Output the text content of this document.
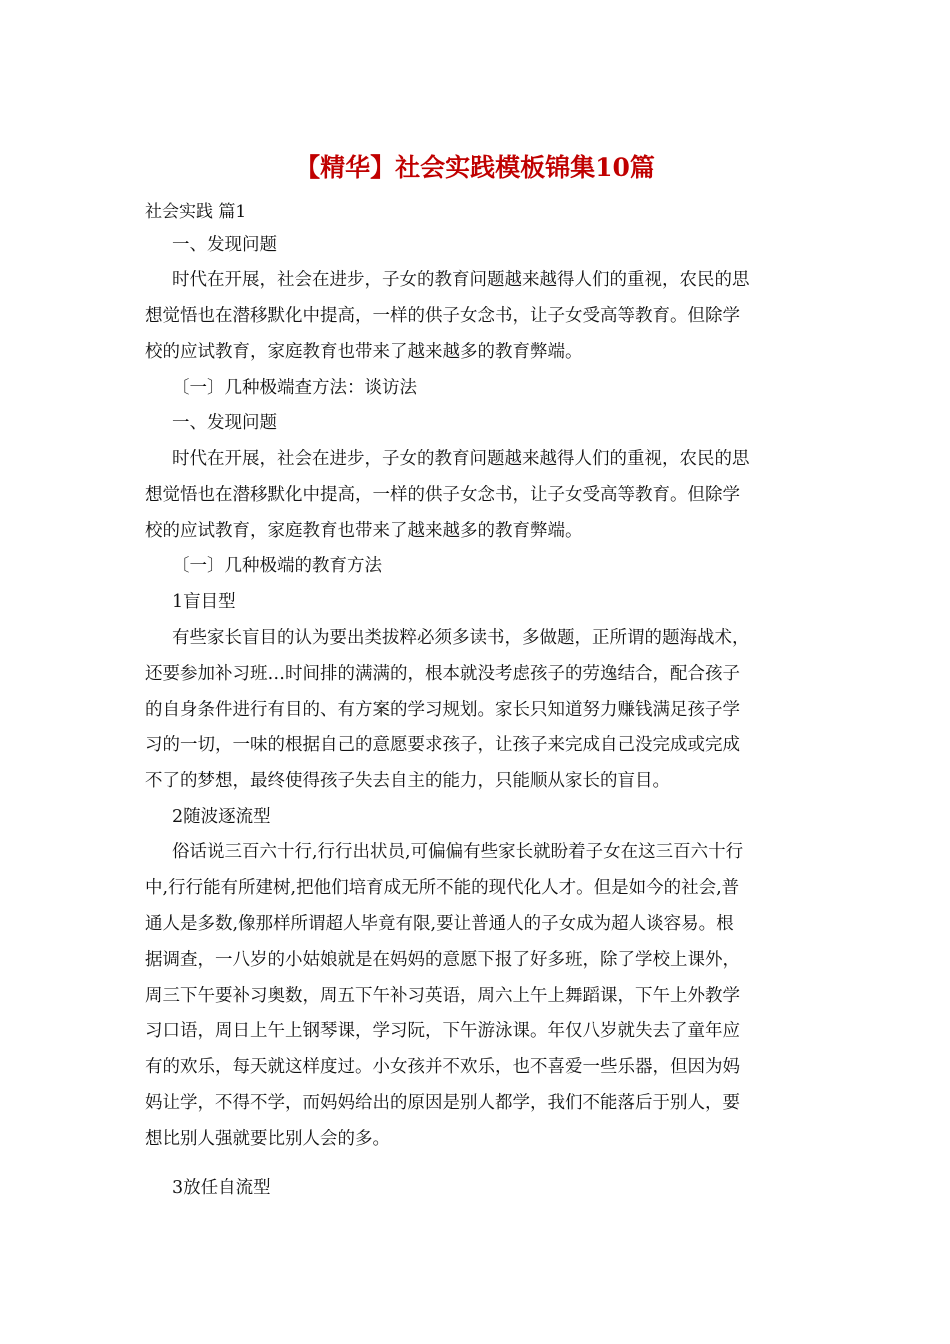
【精华】社会实践模板锦集10篇
社会实践 篇1
一、发现问题
时代在开展，社会在进步，子女的教育问题越来越得人们的重视，农民的思
想觉悟也在潜移默化中提高，一样的供子女念书，让子女受高等教育。但除学
校的应试教育，家庭教育也带来了越来越多的教育弊端。
〔一〕几种极端查方法：谈访法
一、发现问题
时代在开展，社会在进步，子女的教育问题越来越得人们的重视，农民的思
想觉悟也在潜移默化中提高，一样的供子女念书，让子女受高等教育。但除学
校的应试教育，家庭教育也带来了越来越多的教育弊端。
〔一〕几种极端的教育方法
1盲目型
有些家长盲目的认为要出类拔粹必须多读书，多做题，正所谓的题海战术，
还要参加补习班…时间排的满满的，根本就没考虑孩子的劳逸结合，配合孩子
的自身条件进行有目的、有方案的学习规划。家长只知道努力赚钱满足孩子学
习的一切，一味的根据自己的意愿要求孩子，让孩子来完成自己没完成或完成
不了的梦想，最终使得孩子失去自主的能力，只能顺从家长的盲目。
2随波逐流型
俗话说三百六十行,行行出状员,可偏偏有些家长就盼着子女在这三百六十行
中,行行能有所建树,把他们培育成无所不能的现代化人才。但是如今的社会,普
通人是多数,像那样所谓超人毕竟有限,要让普通人的子女成为超人谈容易。根
据调查，一八岁的小姑娘就是在妈妈的意愿下报了好多班，除了学校上课外，
周三下午要补习奥数，周五下午补习英语，周六上午上舞蹈课，下午上外教学
习口语，周日上午上钢琴课，学习阮，下午游泳课。年仅八岁就失去了童年应
有的欢乐，每天就这样度过。小女孩并不欢乐，也不喜爱一些乐器，但因为妈
妈让学，不得不学，而妈妈给出的原因是别人都学，我们不能落后于别人，要
想比别人强就要比别人会的多。
3放任自流型
